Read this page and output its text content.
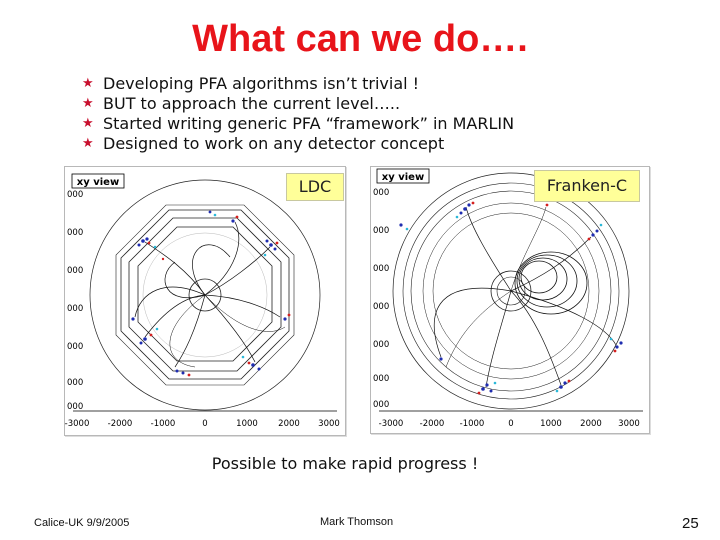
What can we do….
★ Developing PFA algorithms isn’t trivial !
★ BUT to approach the current level…..
★ Started writing generic PFA “framework” in MARLIN
★ Designed to work on any detector concept
xy view
-3000 -2000 -1000	0	1000 2000 3000
000
000
000
000
000
000
000
LDC	xy view
-3000 -2000 -1000	0	1000 2000 3000
000
000
000
000
000
000
000
Franken-C
Possible to make rapid progress !
Calice-UK 9/9/2005	Mark Thomson	25
